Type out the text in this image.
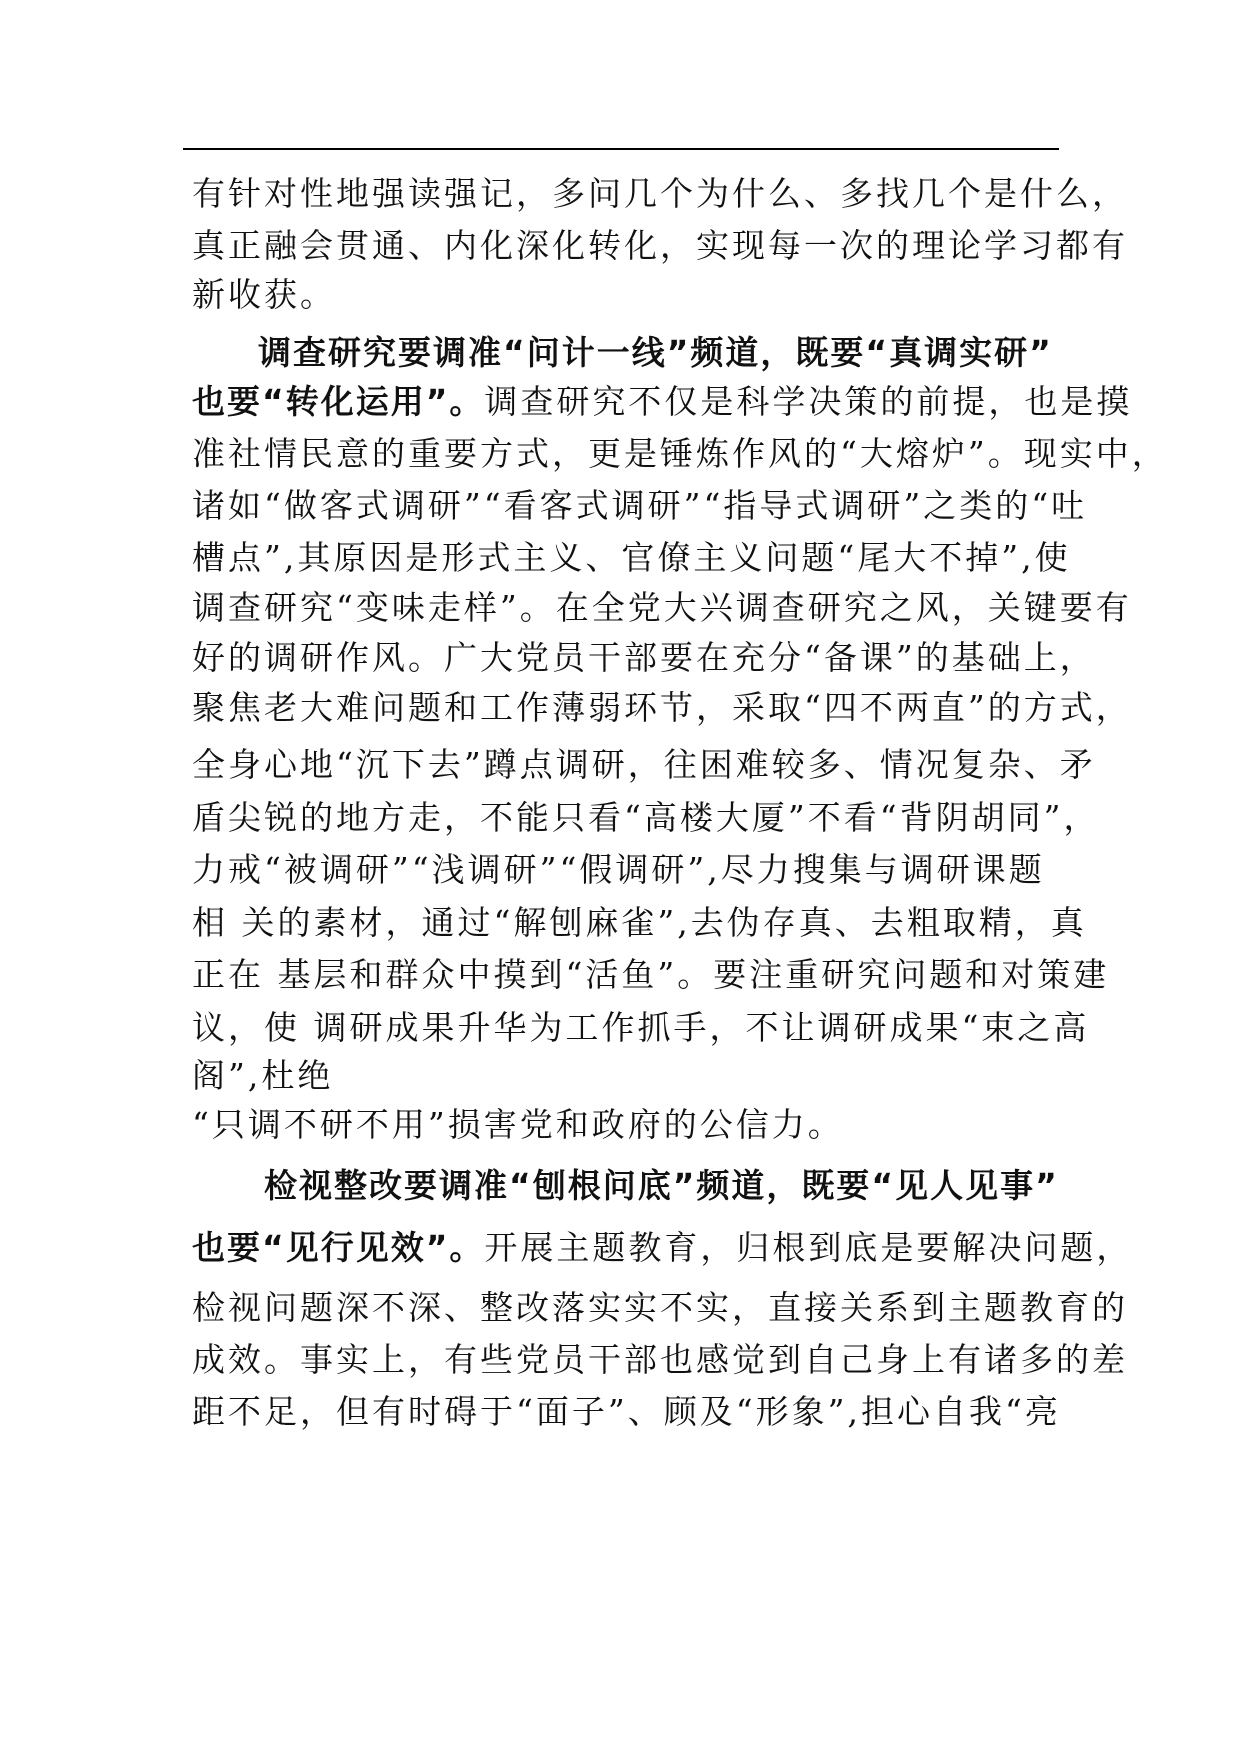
有针对性地强读强记，多问几个为什么、多找几个是什么，
真正融会贯通、内化深化转化，实现每一次的理论学习都有
新收获。
调查研究要调准“问计一线”频道，既要“真调实研”
也要“转化运用”。调查研究不仅是科学决策的前提，也是摸
准社情民意的重要方式，更是锤炼作风的“大熔炉”。现实中，
诸如“做客式调研”“看客式调研”“指导式调研”之类的“吐
槽点”,其原因是形式主义、官僚主义问题“尾大不掉”,使
调查研究“变味走样”。在全党大兴调查研究之风，关键要有
好的调研作风。广大党员干部要在充分“备课”的基础上，
聚焦老大难问题和工作薄弱环节，采取“四不两直”的方式，
全身心地“沉下去”蹲点调研，往困难较多、情况复杂、矛
盾尖锐的地方走，不能只看“高楼大厦”不看“背阴胡同”，
力戒“被调研”“浅调研”“假调研”,尽力搜集与调研课题
相 关的素材，通过“解刨麻雀”,去伪存真、去粗取精，真
正在 基层和群众中摸到“活鱼”。要注重研究问题和对策建
议，使 调研成果升华为工作抓手，不让调研成果“束之高
阁”,杜绝
“只调不研不用”损害党和政府的公信力。
检视整改要调准“刨根问底”频道，既要“见人见事”
也要“见行见效”。开展主题教育，归根到底是要解决问题，
检视问题深不深、整改落实实不实，直接关系到主题教育的
成效。事实上，有些党员干部也感觉到自己身上有诸多的差
距不足，但有时碍于“面子”、顾及“形象”,担心自我“亮
